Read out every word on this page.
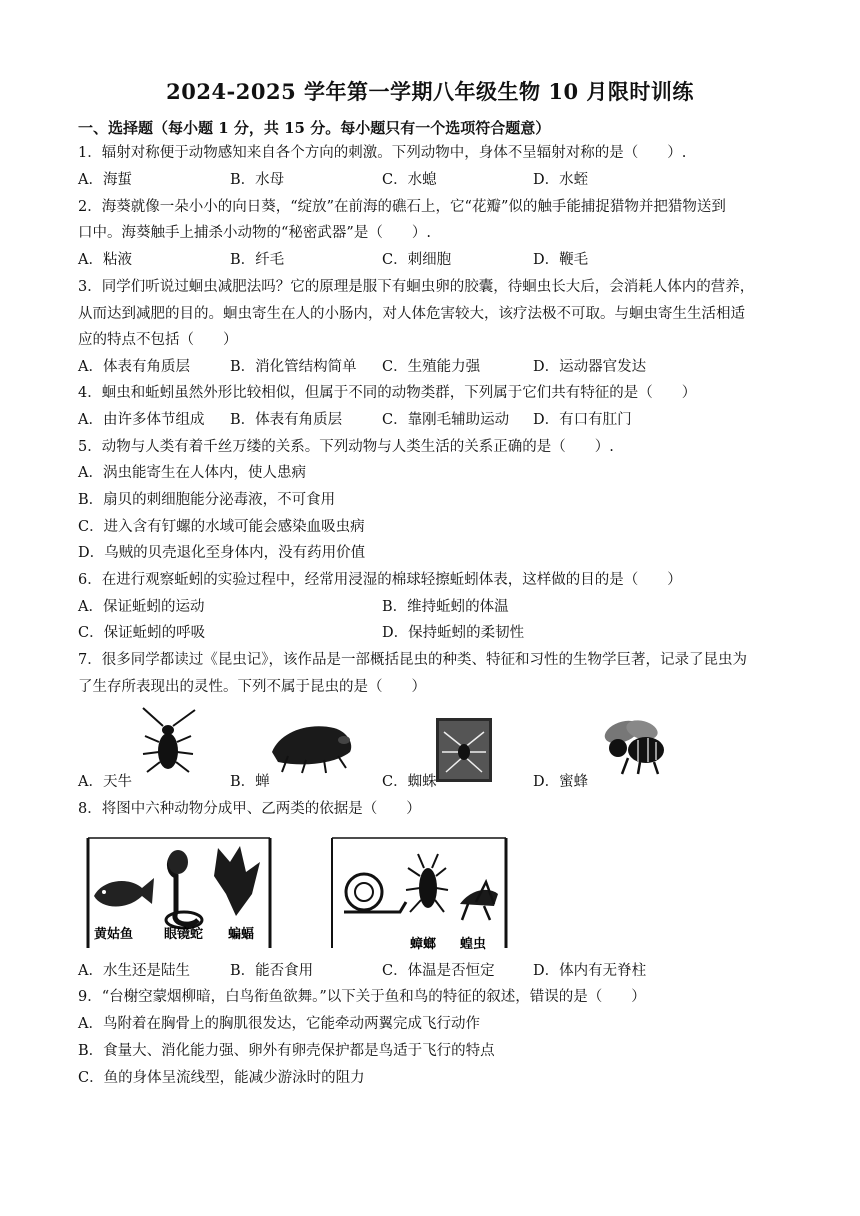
2024-2025 学年第一学期八年级生物 10 月限时训练
一、选择题（每小题 1 分，共 15 分。每小题只有一个选项符合题意）
1．辐射对称便于动物感知来自各个方向的刺激。下列动物中，身体不呈辐射对称的是（　　）.
A．海蜇	B．水母	C．水螅	D．水蛭
2．海葵就像一朵小小的向日葵，“绽放”在前海的礁石上，它“花瓣”似的触手能捕捉猎物并把猎物送到
口中。海葵触手上捕杀小动物的“秘密武器”是（　　）.
A．粘液	B．纤毛	C．刺细胞	D．鞭毛
3．同学们听说过蛔虫减肥法吗？它的原理是服下有蛔虫卵的胶囊，待蛔虫长大后，会消耗人体内的营养，
从而达到减肥的目的。蛔虫寄生在人的小肠内，对人体危害较大，该疗法极不可取。与蛔虫寄生生活相适
应的特点不包括（　　）
A．体表有角质层	B．消化管结构简单 C．生殖能力强	D．运动器官发达
4．蛔虫和蚯蚓虽然外形比较相似，但属于不同的动物类群，下列属于它们共有特征的是（　　）
A．由许多体节组成 B．体表有角质层	C．靠刚毛辅助运动 D．有口有肛门
5．动物与人类有着千丝万缕的关系。下列动物与人类生活的关系正确的是（　　）.
A．涡虫能寄生在人体内，使人患病
B．扇贝的刺细胞能分泌毒液，不可食用
C．进入含有钉螺的水域可能会感染血吸虫病
D．乌贼的贝壳退化至身体内，没有药用价值
6．在进行观察蚯蚓的实验过程中，经常用浸湿的棉球轻擦蚯蚓体表，这样做的目的是（　　）
A．保证蚯蚓的运动	B．维持蚯蚓的体温
C．保证蚯蚓的呼吸	D．保持蚯蚓的柔韧性
7．很多同学都读过《昆虫记》，该作品是一部概括昆虫的种类、特征和习性的生物学巨著，记录了昆虫为
了生存所表现出的灵性。下列不属于昆虫的是（　　）
A．天牛	B．蝉	C．蜘蛛	D．蜜蜂
8．将图中六种动物分成甲、乙两类的依据是（　　）
黄姑鱼 眼镜蛇 蝙蝠
蟑螂 蝗虫
A．水生还是陆生	B．能否食用	C．体温是否恒定	D．体内有无脊柱
9．“台榭空蒙烟柳暗，白鸟衔鱼欲舞。”以下关于鱼和鸟的特征的叙述，错误的是（　　）
A．鸟附着在胸骨上的胸肌很发达，它能牵动两翼完成飞行动作
B．食量大、消化能力强、卵外有卵壳保护都是鸟适于飞行的特点
C．鱼的身体呈流线型，能减少游泳时的阻力
